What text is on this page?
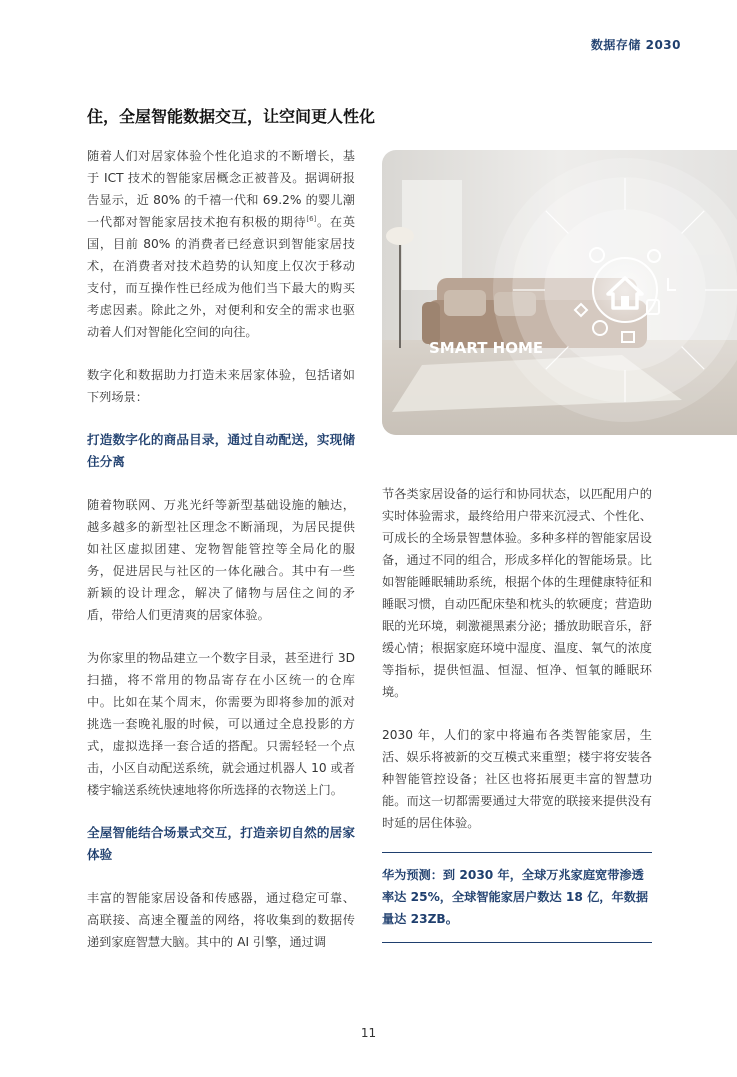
数据存储 2030
住，全屋智能数据交互，让空间更人性化

随着人们对居家体验个性化追求的不断增长，基于 ICT 技术的智能家居概念正被普及。据调研报告显示，近 80% 的千禧一代和 69.2% 的婴儿潮一代都对智能家居技术抱有积极的期待[6]。在英国，目前 80% 的消费者已经意识到智能家居技术，在消费者对技术趋势的认知度上仅次于移动支付，而互操作性已经成为他们当下最大的购买考虑因素。除此之外，对便利和安全的需求也驱动着人们对智能化空间的向往。

数字化和数据助力打造未来居家体验，包括诸如下列场景：

打造数字化的商品目录，通过自动配送，实现储住分离

随着物联网、万兆光纤等新型基础设施的触达，越多越多的新型社区理念不断涌现，为居民提供如社区虚拟团建、宠物智能管控等全局化的服务，促进居民与社区的一体化融合。其中有一些新颖的设计理念，解决了储物与居住之间的矛盾，带给人们更清爽的居家体验。

为你家里的物品建立一个数字目录，甚至进行 3D 扫描，将不常用的物品寄存在小区统一的仓库中。比如在某个周末，你需要为即将参加的派对挑选一套晚礼服的时候，可以通过全息投影的方式，虚拟选择一套合适的搭配。只需轻轻一个点击，小区自动配送系统，就会通过机器人 10 或者楼宇输送系统快速地将你所选择的衣物送上门。

全屋智能结合场景式交互，打造亲切自然的居家体验

丰富的智能家居设备和传感器，通过稳定可靠、高联接、高速全覆盖的网络，将收集到的数据传递到家庭智慧大脑。其中的 AI 引擎，通过调

SMART HOME

节各类家居设备的运行和协同状态，以匹配用户的实时体验需求，最终给用户带来沉浸式、个性化、可成长的全场景智慧体验。多种多样的智能家居设备，通过不同的组合，形成多样化的智能场景。比如智能睡眠辅助系统，根据个体的生理健康特征和睡眠习惯，自动匹配床垫和枕头的软硬度；营造助眠的光环境，刺激褪黑素分泌；播放助眠音乐，舒缓心情；根据家庭环境中湿度、温度、氧气的浓度等指标，提供恒温、恒湿、恒净、恒氧的睡眠环境。

2030 年，人们的家中将遍布各类智能家居，生活、娱乐将被新的交互模式来重塑；楼宇将安装各种智能管控设备；社区也将拓展更丰富的智慧功能。而这一切都需要通过大带宽的联接来提供没有时延的居住体验。

华为预测：到 2030 年，全球万兆家庭宽带渗透率达 25%，全球智能家居户数达 18 亿，年数据量达 23ZB。
11
